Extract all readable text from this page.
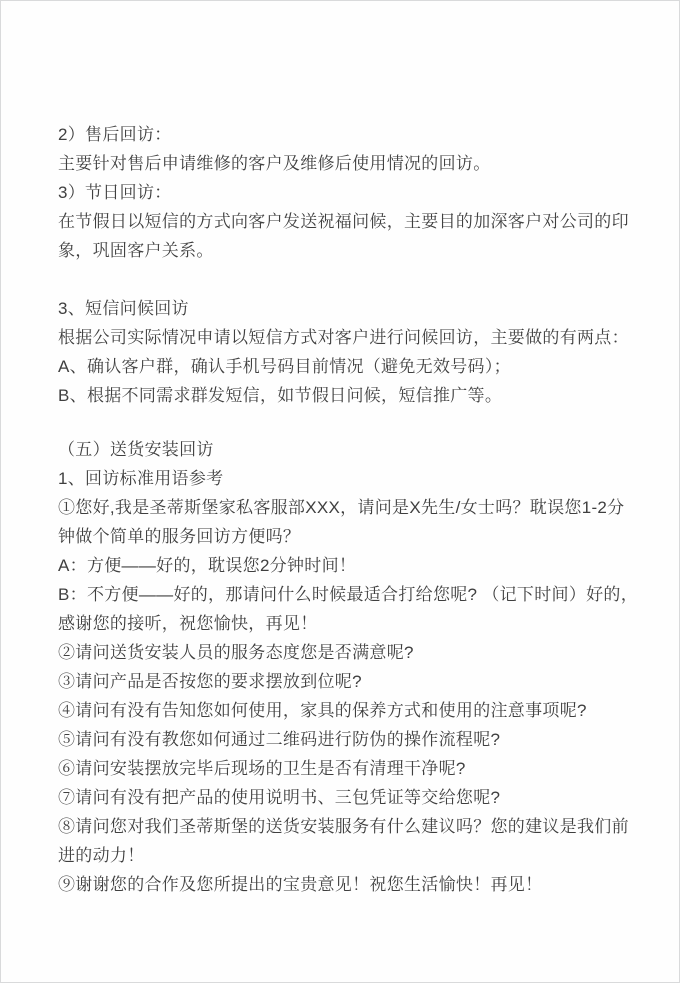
2）售后回访：
主要针对售后申请维修的客户及维修后使用情况的回访。
3）节日回访：
在节假日以短信的方式向客户发送祝福问候，主要目的加深客户对公司的印
象，巩固客户关系。
3、短信问候回访
根据公司实际情况申请以短信方式对客户进行问候回访，主要做的有两点：
A、确认客户群，确认手机号码目前情况（避免无效号码）；
B、根据不同需求群发短信，如节假日问候，短信推广等。
（五）送货安装回访
1、回访标准用语参考
①您好,我是圣蒂斯堡家私客服部XXX，请问是X先生/女士吗？耽误您1-2分
钟做个简单的服务回访方便吗？
A：方便——好的，耽误您2分钟时间！
B：不方便——好的，那请问什么时候最适合打给您呢? （记下时间）好的，
感谢您的接听，祝您愉快，再见！
②请问送货安装人员的服务态度您是否满意呢?
③请问产品是否按您的要求摆放到位呢?
④请问有没有告知您如何使用，家具的保养方式和使用的注意事项呢?
⑤请问有没有教您如何通过二维码进行防伪的操作流程呢?
⑥请问安装摆放完毕后现场的卫生是否有清理干净呢?
⑦请问有没有把产品的使用说明书、三包凭证等交给您呢?
⑧请问您对我们圣蒂斯堡的送货安装服务有什么建议吗？您的建议是我们前
进的动力！
⑨谢谢您的合作及您所提出的宝贵意见！祝您生活愉快！再见！
